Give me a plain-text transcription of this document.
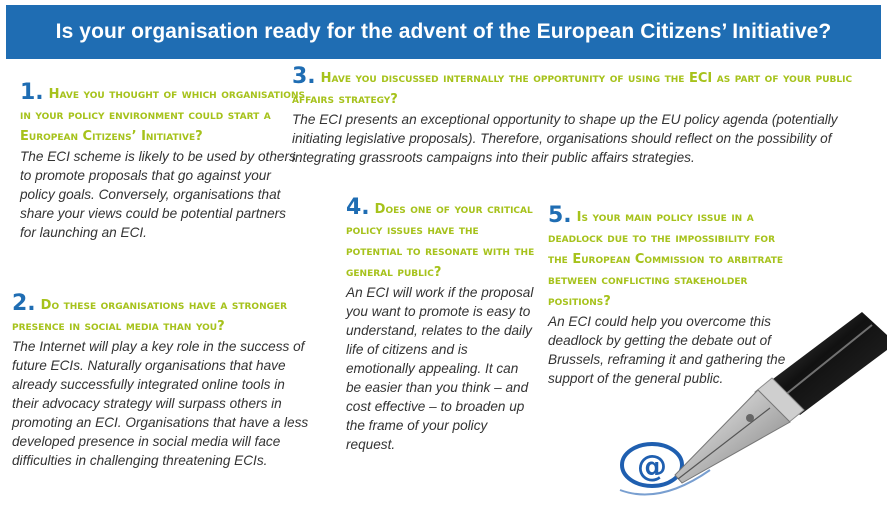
Is your organisation ready for the advent of the European Citizens’ Initiative?
1. Have you thought of which organisations in your policy environment could start a European Citizens’ Initiative?
The ECI scheme is likely to be used by others to promote proposals that go against your policy goals. Conversely, organisations that share your views could be potential partners for launching an ECI.
2. Do these organisations have a stronger presence in social media than you?
The Internet will play a key role in the success of future ECIs. Naturally organisations that have already successfully integrated online tools in their advocacy strategy will surpass others in promoting an ECI. Organisations that have a less developed presence in social media will face difficulties in challenging threatening ECIs.
3. Have you discussed internally the opportunity of using the ECI as part of your public affairs strategy?
The ECI presents an exceptional opportunity to shape up the EU policy agenda (potentially initiating legislative proposals). Therefore, organisations should reflect on the possibility of integrating grassroots campaigns into their public affairs strategies.
4. Does one of your critical policy issues have the potential to resonate with the general public?
An ECI will work if the proposal you want to promote is easy to understand, relates to the daily life of citizens and is emotionally appealing. It can be easier than you think – and cost effective – to broaden up the frame of your policy request.
5. Is your main policy issue in a deadlock due to the impossibility for the European Commission to arbitrate between conflicting stakeholder positions?
An ECI could help you overcome this deadlock by getting the debate out of Brussels, reframing it and gathering the support of the general public.
@
